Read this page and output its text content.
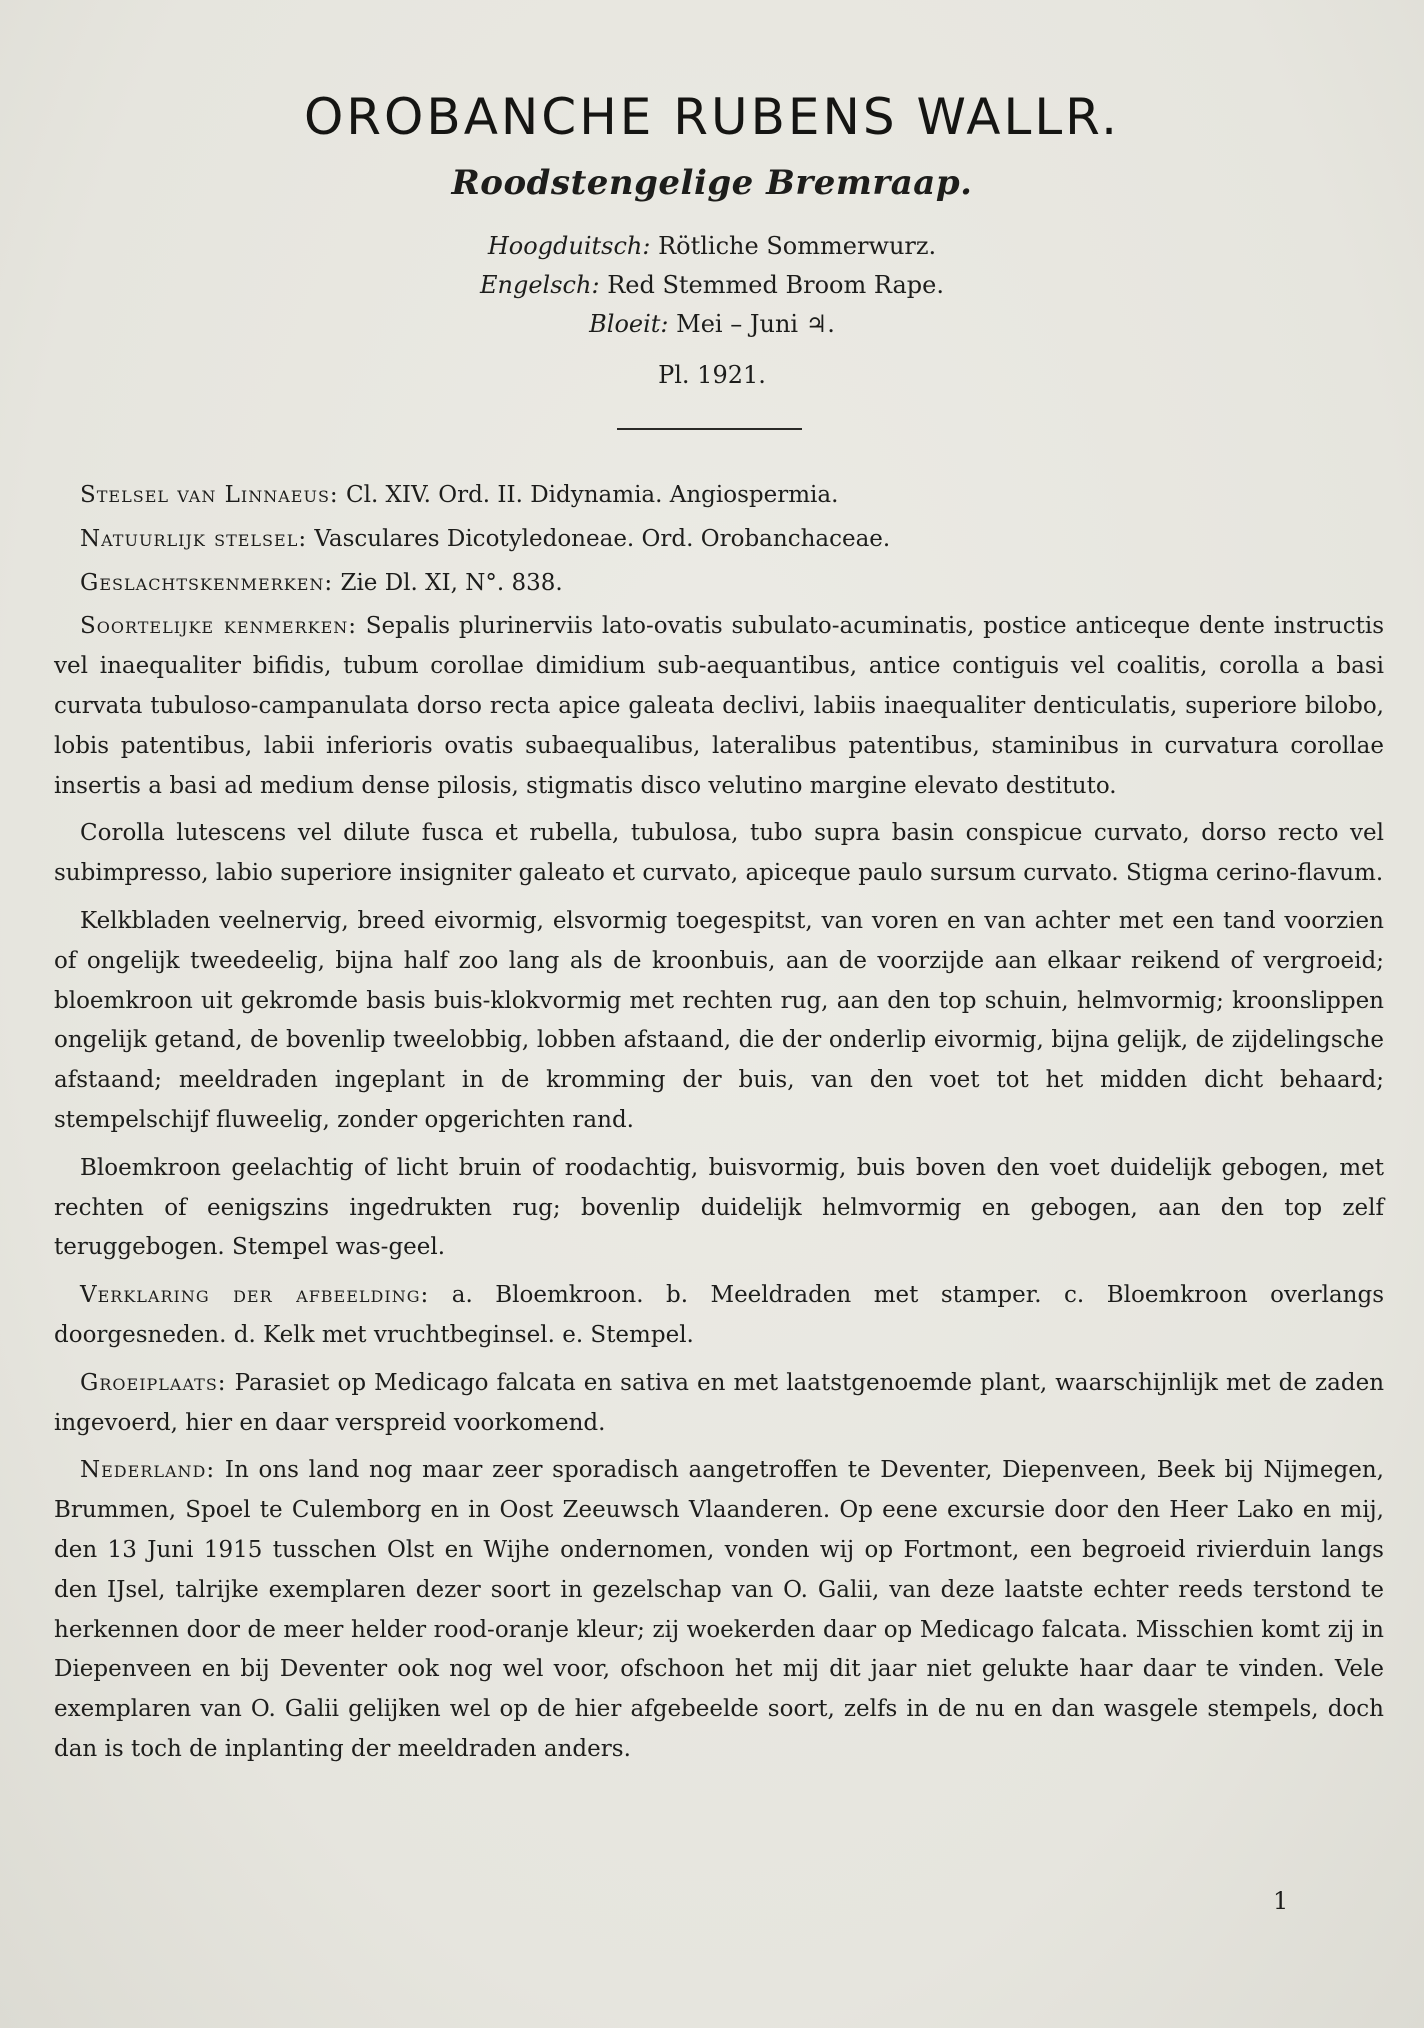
OROBANCHE RUBENS WALLR.
Roodstengelige Bremraap.
Hoogduitsch: Rötliche Sommerwurz.
Engelsch: Red Stemmed Broom Rape.
Bloeit: Mei – Juni ♃.
Pl. 1921.

Stelsel van Linnaeus: Cl. XIV. Ord. II. Didynamia. Angiospermia.

Natuurlijk stelsel: Vasculares Dicotyledoneae. Ord. Orobanchaceae.

Geslachtskenmerken: Zie Dl. XI, N°. 838.

Soortelijke kenmerken: Sepalis plurinerviis lato-ovatis subulato-acuminatis, postice anticeque dente instructis vel inaequaliter bifidis, tubum corollae dimidium sub-aequantibus, antice contiguis vel coalitis, corolla a basi curvata tubuloso-campanulata dorso recta apice galeata declivi, labiis inaequaliter denticulatis, superiore bilobo, lobis patentibus, labii inferioris ovatis subaequalibus, lateralibus patentibus, staminibus in curvatura corollae insertis a basi ad medium dense pilosis, stigmatis disco velutino margine elevato destituto.

Corolla lutescens vel dilute fusca et rubella, tubulosa, tubo supra basin conspicue curvato, dorso recto vel subimpresso, labio superiore insigniter galeato et curvato, apiceque paulo sursum curvato. Stigma cerino-flavum.

Kelkbladen veelnervig, breed eivormig, elsvormig toegespitst, van voren en van achter met een tand voorzien of ongelijk tweedeelig, bijna half zoo lang als de kroonbuis, aan de voorzijde aan elkaar reikend of vergroeid; bloemkroon uit gekromde basis buis-klokvormig met rechten rug, aan den top schuin, helmvormig; kroonslippen ongelijk getand, de bovenlip tweelobbig, lobben afstaand, die der onderlip eivormig, bijna gelijk, de zijdelingsche afstaand; meeldraden ingeplant in de kromming der buis, van den voet tot het midden dicht behaard; stempelschijf fluweelig, zonder opgerichten rand.

Bloemkroon geelachtig of licht bruin of roodachtig, buisvormig, buis boven den voet duidelijk gebogen, met rechten of eenigszins ingedrukten rug; bovenlip duidelijk helmvormig en gebogen, aan den top zelf teruggebogen. Stempel was-geel.

Verklaring der afbeelding: a. Bloemkroon. b. Meeldraden met stamper. c. Bloemkroon overlangs doorgesneden. d. Kelk met vruchtbeginsel. e. Stempel.

Groeiplaats: Parasiet op Medicago falcata en sativa en met laatstgenoemde plant, waarschijnlijk met de zaden ingevoerd, hier en daar verspreid voorkomend.

Nederland: In ons land nog maar zeer sporadisch aangetroffen te Deventer, Diepenveen, Beek bij Nijmegen, Brummen, Spoel te Culemborg en in Oost Zeeuwsch Vlaanderen. Op eene excursie door den Heer Lako en mij, den 13 Juni 1915 tusschen Olst en Wijhe ondernomen, vonden wij op Fortmont, een begroeid rivierduin langs den IJsel, talrijke exemplaren dezer soort in gezelschap van O. Galii, van deze laatste echter reeds terstond te herkennen door de meer helder rood-oranje kleur; zij woekerden daar op Medicago falcata. Misschien komt zij in Diepenveen en bij Deventer ook nog wel voor, ofschoon het mij dit jaar niet gelukte haar daar te vinden. Vele exemplaren van O. Galii gelijken wel op de hier afgebeelde soort, zelfs in de nu en dan wasgele stempels, doch dan is toch de inplanting der meeldraden anders.

1
